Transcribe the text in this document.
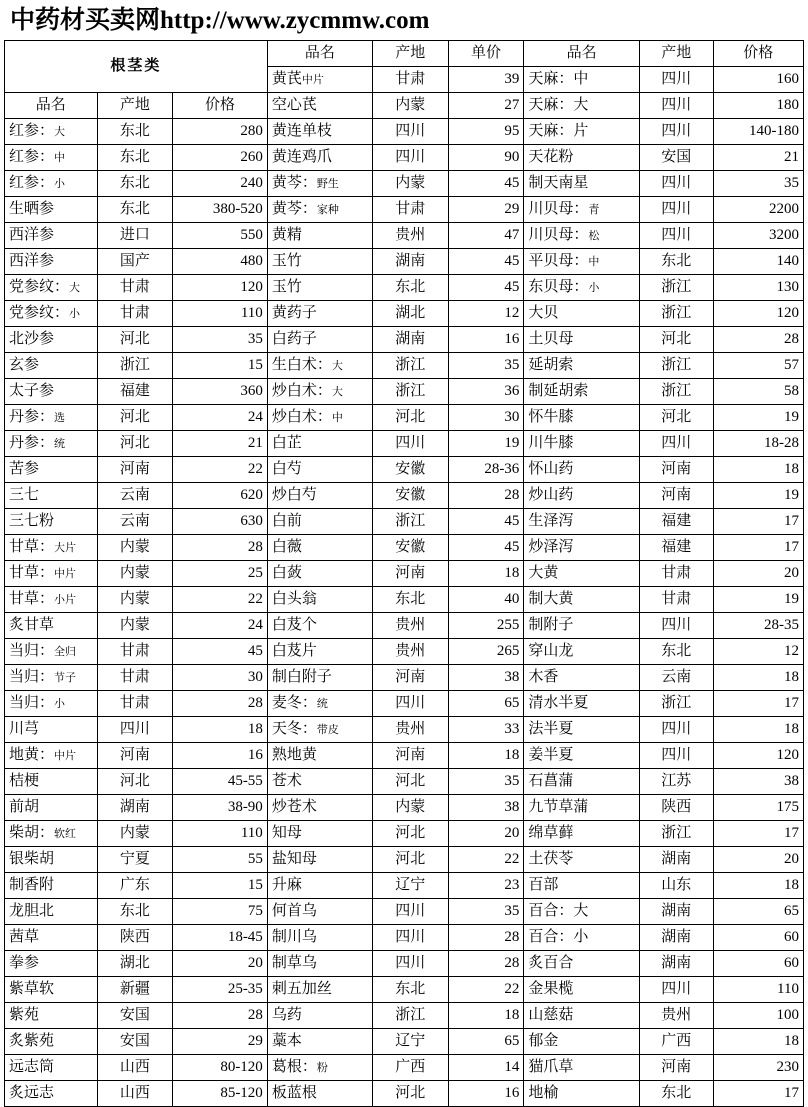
中药材买卖网http://www.zycmmw.com
根茎类			品名	产地	单价	品名	产地	价格
			黄芪中片	甘肃	39	天麻：中	四川	160
品名	产地	价格	空心芪	内蒙	27	天麻：大	四川	180
红参：大	东北	280	黄连单枝	四川	95	天麻：片	四川	140-180
红参：中	东北	260	黄连鸡爪	四川	90	天花粉	安国	21
红参：小	东北	240	黄芩：野生	内蒙	45	制天南星	四川	35
生晒参	东北	380-520	黄芩：家种	甘肃	29	川贝母：青	四川	2200
西洋参	进口	550	黄精	贵州	47	川贝母：松	四川	3200
西洋参	国产	480	玉竹	湖南	45	平贝母：中	东北	140
党参纹：大	甘肃	120	玉竹	东北	45	东贝母：小	浙江	130
党参纹：小	甘肃	110	黄药子	湖北	12	大贝	浙江	120
北沙参	河北	35	白药子	湖南	16	土贝母	河北	28
玄参	浙江	15	生白术：大	浙江	35	延胡索	浙江	57
太子参	福建	360	炒白术：大	浙江	36	制延胡索	浙江	58
丹参：选	河北	24	炒白术：中	河北	30	怀牛膝	河北	19
丹参：统	河北	21	白芷	四川	19	川牛膝	四川	18-28
苦参	河南	22	白芍	安徽	28-36	怀山药	河南	18
三七	云南	620	炒白芍	安徽	28	炒山药	河南	19
三七粉	云南	630	白前	浙江	45	生泽泻	福建	17
甘草：大片	内蒙	28	白薇	安徽	45	炒泽泻	福建	17
甘草：中片	内蒙	25	白蔹	河南	18	大黄	甘肃	20
甘草：小片	内蒙	22	白头翁	东北	40	制大黄	甘肃	19
炙甘草	内蒙	24	白芨个	贵州	255	制附子	四川	28-35
当归：全归	甘肃	45	白芨片	贵州	265	穿山龙	东北	12
当归：节子	甘肃	30	制白附子	河南	38	木香	云南	18
当归：小	甘肃	28	麦冬：统	四川	65	清水半夏	浙江	17
川芎	四川	18	天冬：带皮	贵州	33	法半夏	四川	18
地黄：中片	河南	16	熟地黄	河南	18	姜半夏	四川	120
桔梗	河北	45-55	苍术	河北	35	石菖蒲	江苏	38
前胡	湖南	38-90	炒苍术	内蒙	38	九节草蒲	陕西	175
柴胡：软红	内蒙	110	知母	河北	20	绵草藓	浙江	17
银柴胡	宁夏	55	盐知母	河北	22	土茯苓	湖南	20
制香附	广东	15	升麻	辽宁	23	百部	山东	18
龙胆北	东北	75	何首乌	四川	35	百合：大	湖南	65
茜草	陕西	18-45	制川乌	四川	28	百合：小	湖南	60
拳参	湖北	20	制草乌	四川	28	炙百合	湖南	60
紫草软	新疆	25-35	刺五加丝	东北	22	金果榄	四川	110
紫苑	安国	28	乌药	浙江	18	山慈菇	贵州	100
炙紫苑	安国	29	藁本	辽宁	65	郁金	广西	18
远志筒	山西	80-120	葛根：粉	广西	14	猫爪草	河南	230
炙远志	山西	85-120	板蓝根	河北	16	地榆	东北	17
